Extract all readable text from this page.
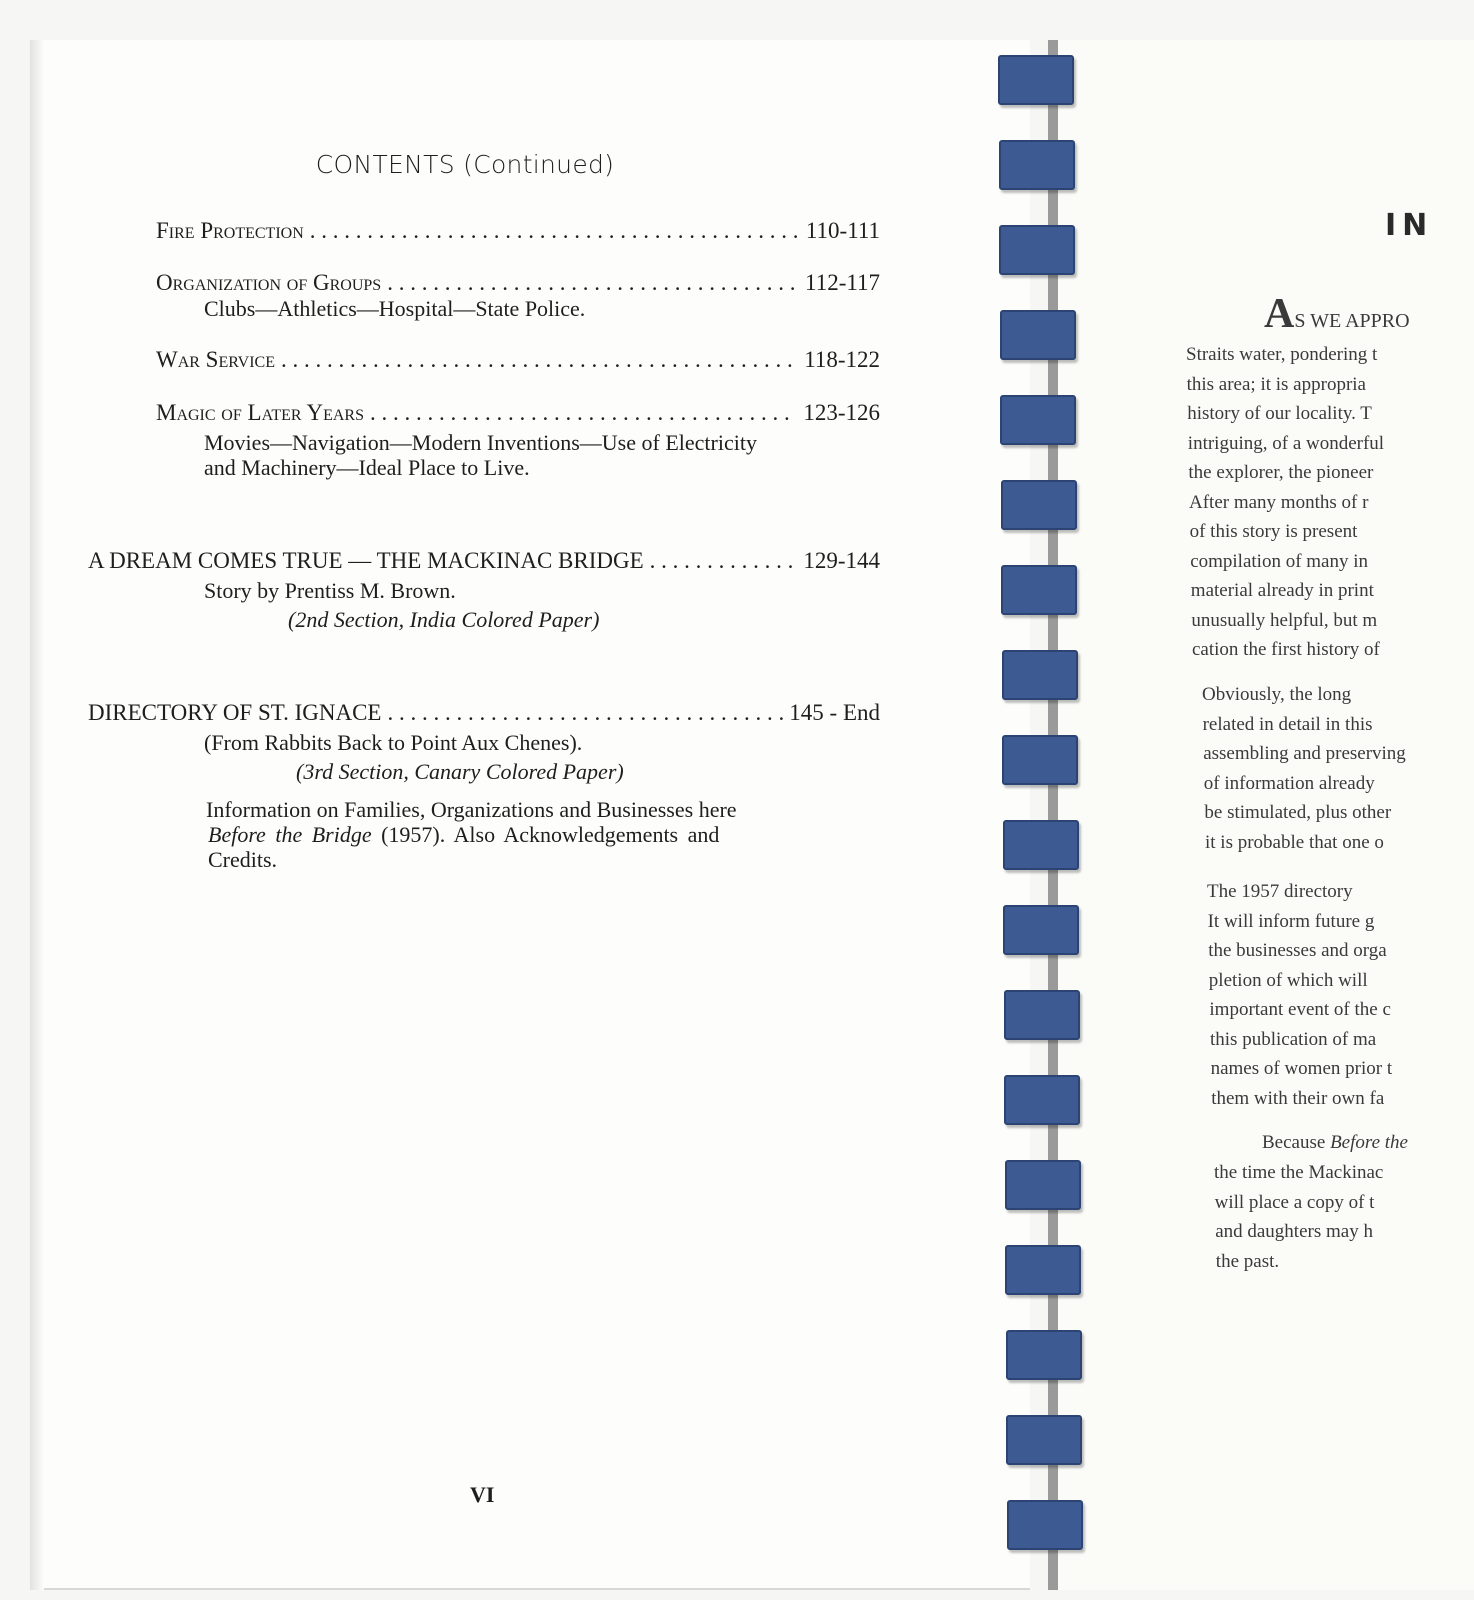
CONTENTS (Continued)
Fire Protection . . .	110-111
Organization of Groups . . .	112-117
Clubs—Athletics—Hospital—State Police.
War Service . . .	118-122
Magic of Later Years . . .	123-126
Movies—Navigation—Modern Inventions—Use of Electricity
and Machinery—Ideal Place to Live.
A DREAM COMES TRUE — THE MACKINAC BRIDGE . . .	129-144
Story by Prentiss M. Brown.
(2nd Section, India Colored Paper)
DIRECTORY OF ST. IGNACE . . .	145 - End
(From Rabbits Back to Point Aux Chenes).
(3rd Section, Canary Colored Paper)
Information on Families, Organizations and Businesses here
Before the Bridge (1957). Also Acknowledgements and
Credits.
VI
IN
AS WE APPRO
Straits water, pondering t
this area; it is appropria
history of our locality. T
intriguing, of a wonderful
the explorer, the pioneer
After many months of r
of this story is present
compilation of many in
material already in print
unusually helpful, but m
cation the first history of
Obviously, the long
related in detail in this
assembling and preserving
of information already
be stimulated, plus other
it is probable that one o
The 1957 directory
It will inform future g
the businesses and orga
pletion of which will
important event of the c
this publication of ma
names of women prior t
them with their own fa
Because Before the
the time the Mackinac
will place a copy of t
and daughters may h
the past.
